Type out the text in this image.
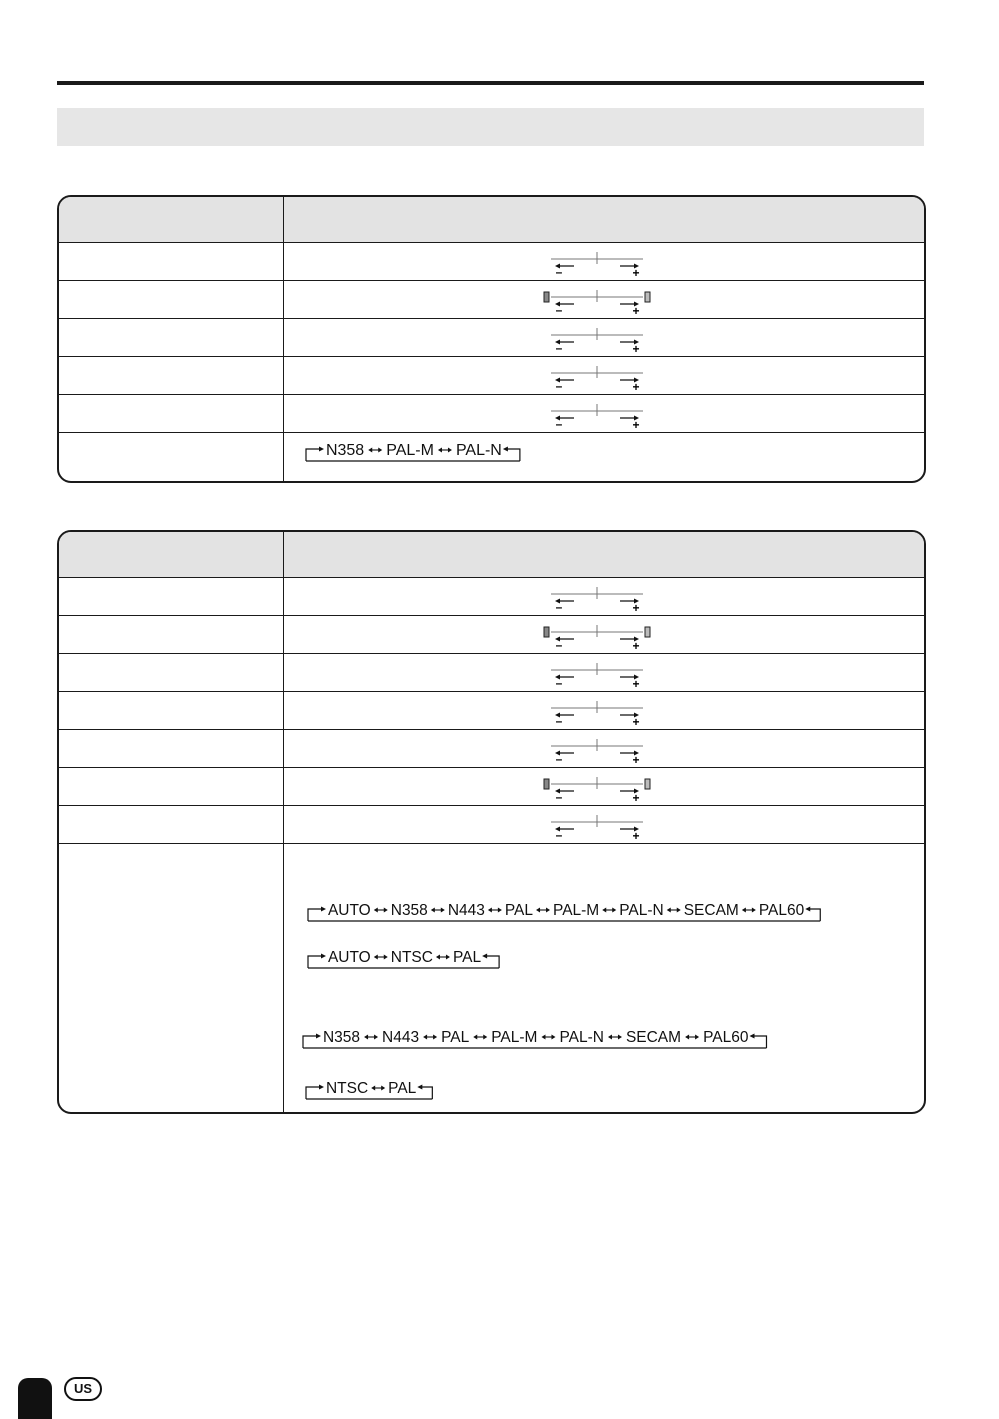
–	+
–	+
–	+
–	+
–	+
N358 PAL-M PAL-N
–	+
–	+
–	+
–	+
–	+
–	+
–	+
AUTO N358 N443 PAL PAL-M PAL-N SECAM PAL60
AUTO NTSC PAL
N358 N443 PAL PAL-M PAL-N SECAM PAL60
NTSC PAL
US
